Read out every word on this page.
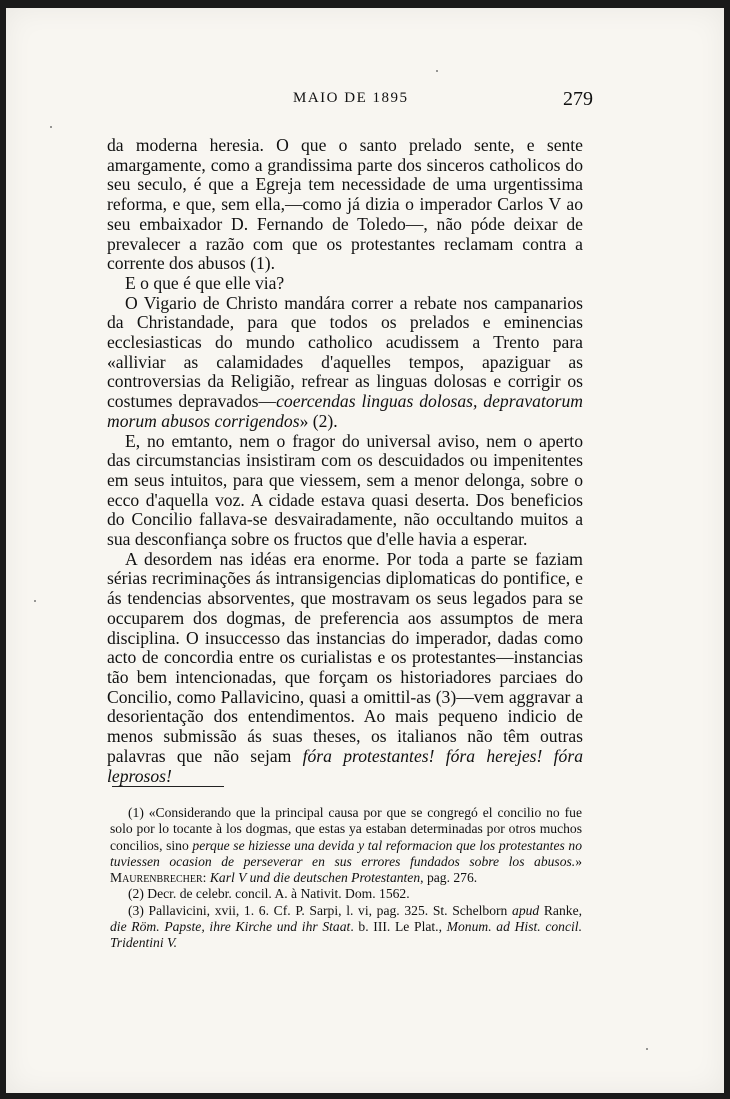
MAIO DE 1895	279

da moderna heresia. O que o santo prelado sente, e sente amargamente, como a grandissima parte dos sinceros catholicos do seu seculo, é que a Egreja tem necessidade de uma urgentissima reforma, e que, sem ella,—como já dizia o imperador Carlos V ao seu embaixador D. Fernando de Toledo—, não póde deixar de prevalecer a razão com que os protestantes reclamam contra a corrente dos abusos (1).

E o que é que elle via?

O Vigario de Christo mandára correr a rebate nos campanarios da Christandade, para que todos os prelados e eminencias ecclesiasticas do mundo catholico acudissem a Trento para «alliviar as calamidades d'aquelles tempos, apaziguar as controversias da Religião, refrear as linguas dolosas e corrigir os costumes depravados—coercendas linguas dolosas, depravatorum morum abusos corrigendos» (2).

E, no emtanto, nem o fragor do universal aviso, nem o aperto das circumstancias insistiram com os descuidados ou impenitentes em seus intuitos, para que viessem, sem a menor delonga, sobre o ecco d'aquella voz. A cidade estava quasi deserta. Dos beneficios do Concilio fallava-se desvairadamente, não occultando muitos a sua desconfiança sobre os fructos que d'elle havia a esperar.

A desordem nas idéas era enorme. Por toda a parte se faziam sérias recriminações ás intransigencias diplomaticas do pontifice, e ás tendencias absorventes, que mostravam os seus legados para se occuparem dos dogmas, de preferencia aos assumptos de mera disciplina. O insuccesso das instancias do imperador, dadas como acto de concordia entre os curialistas e os protestantes—instancias tão bem intencionadas, que forçam os historiadores parciaes do Concilio, como Pallavicino, quasi a omittil-as (3)—vem aggravar a desorientação dos entendimentos. Ao mais pequeno indicio de menos submissão ás suas theses, os italianos não têm outras palavras que não sejam fóra protestantes! fóra herejes! fóra leprosos!

(1) «Considerando que la principal causa por que se congregó el concilio no fue solo por lo tocante à los dogmas, que estas ya estaban determinadas por otros muchos concilios, sino perque se hiziesse una devida y tal reformacion que los protestantes no tuviessen ocasion de perseverar en sus errores fundados sobre los abusos.» Maurenbrecher: Karl V und die deutschen Protestanten, pag. 276.

(2) Decr. de celebr. concil. A. à Nativit. Dom. 1562.

(3) Pallavicini, xvii, 1. 6. Cf. P. Sarpi, l. vi, pag. 325. St. Schelborn apud Ranke, die Röm. Papste, ihre Kirche und ihr Staat. b. III. Le Plat., Monum. ad Hist. concil. Tridentini V.
